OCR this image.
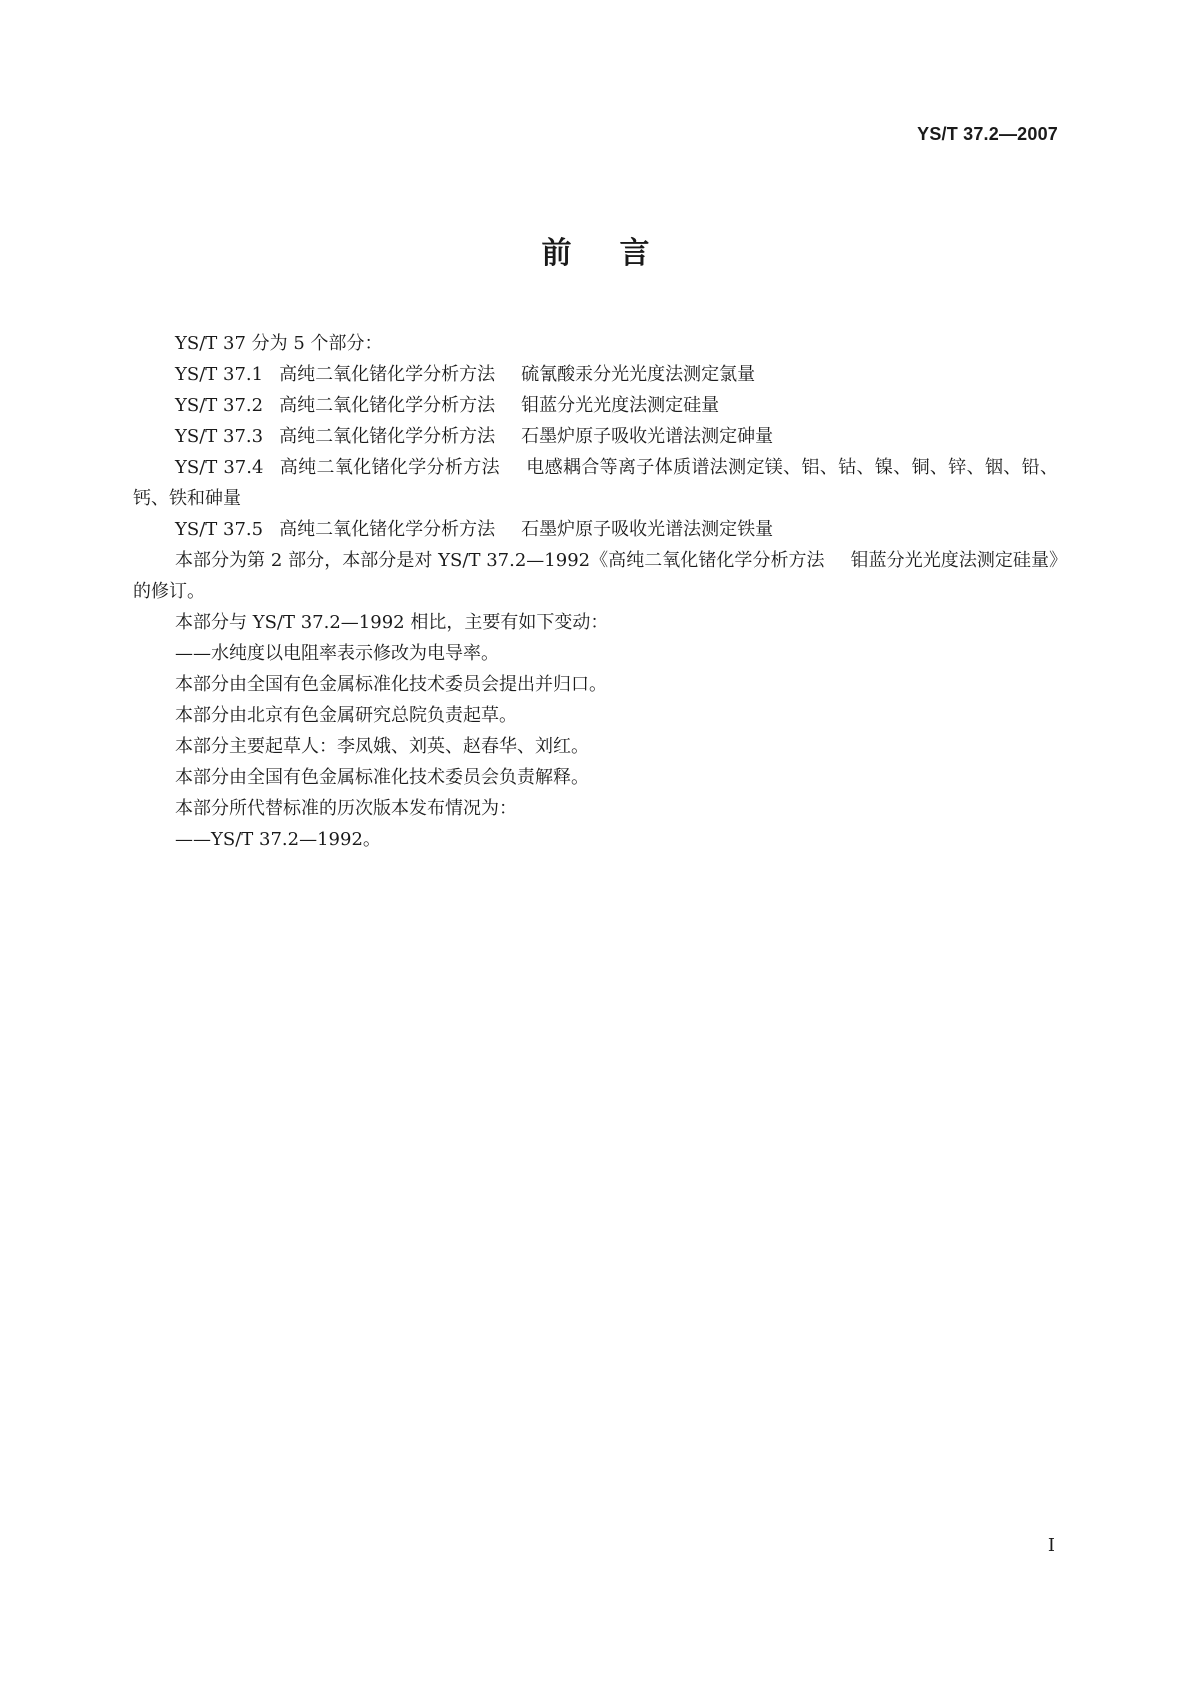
YS/T 37.2—2007
前言

YS/T 37 分为 5 个部分：

YS/T 37.1 高纯二氧化锗化学分析方法 硫氰酸汞分光光度法测定氯量

YS/T 37.2 高纯二氧化锗化学分析方法 钼蓝分光光度法测定硅量

YS/T 37.3 高纯二氧化锗化学分析方法 石墨炉原子吸收光谱法测定砷量

YS/T 37.4 高纯二氧化锗化学分析方法 电感耦合等离子体质谱法测定镁、铝、钴、镍、铜、锌、铟、铅、钙、铁和砷量

YS/T 37.5 高纯二氧化锗化学分析方法 石墨炉原子吸收光谱法测定铁量

本部分为第 2 部分，本部分是对 YS/T 37.2—1992《高纯二氧化锗化学分析方法 钼蓝分光光度法测定硅量》的修订。

本部分与 YS/T 37.2—1992 相比，主要有如下变动：

——水纯度以电阻率表示修改为电导率。

本部分由全国有色金属标准化技术委员会提出并归口。

本部分由北京有色金属研究总院负责起草。

本部分主要起草人：李凤娥、刘英、赵春华、刘红。

本部分由全国有色金属标准化技术委员会负责解释。

本部分所代替标准的历次版本发布情况为：

——YS/T 37.2—1992。

I
